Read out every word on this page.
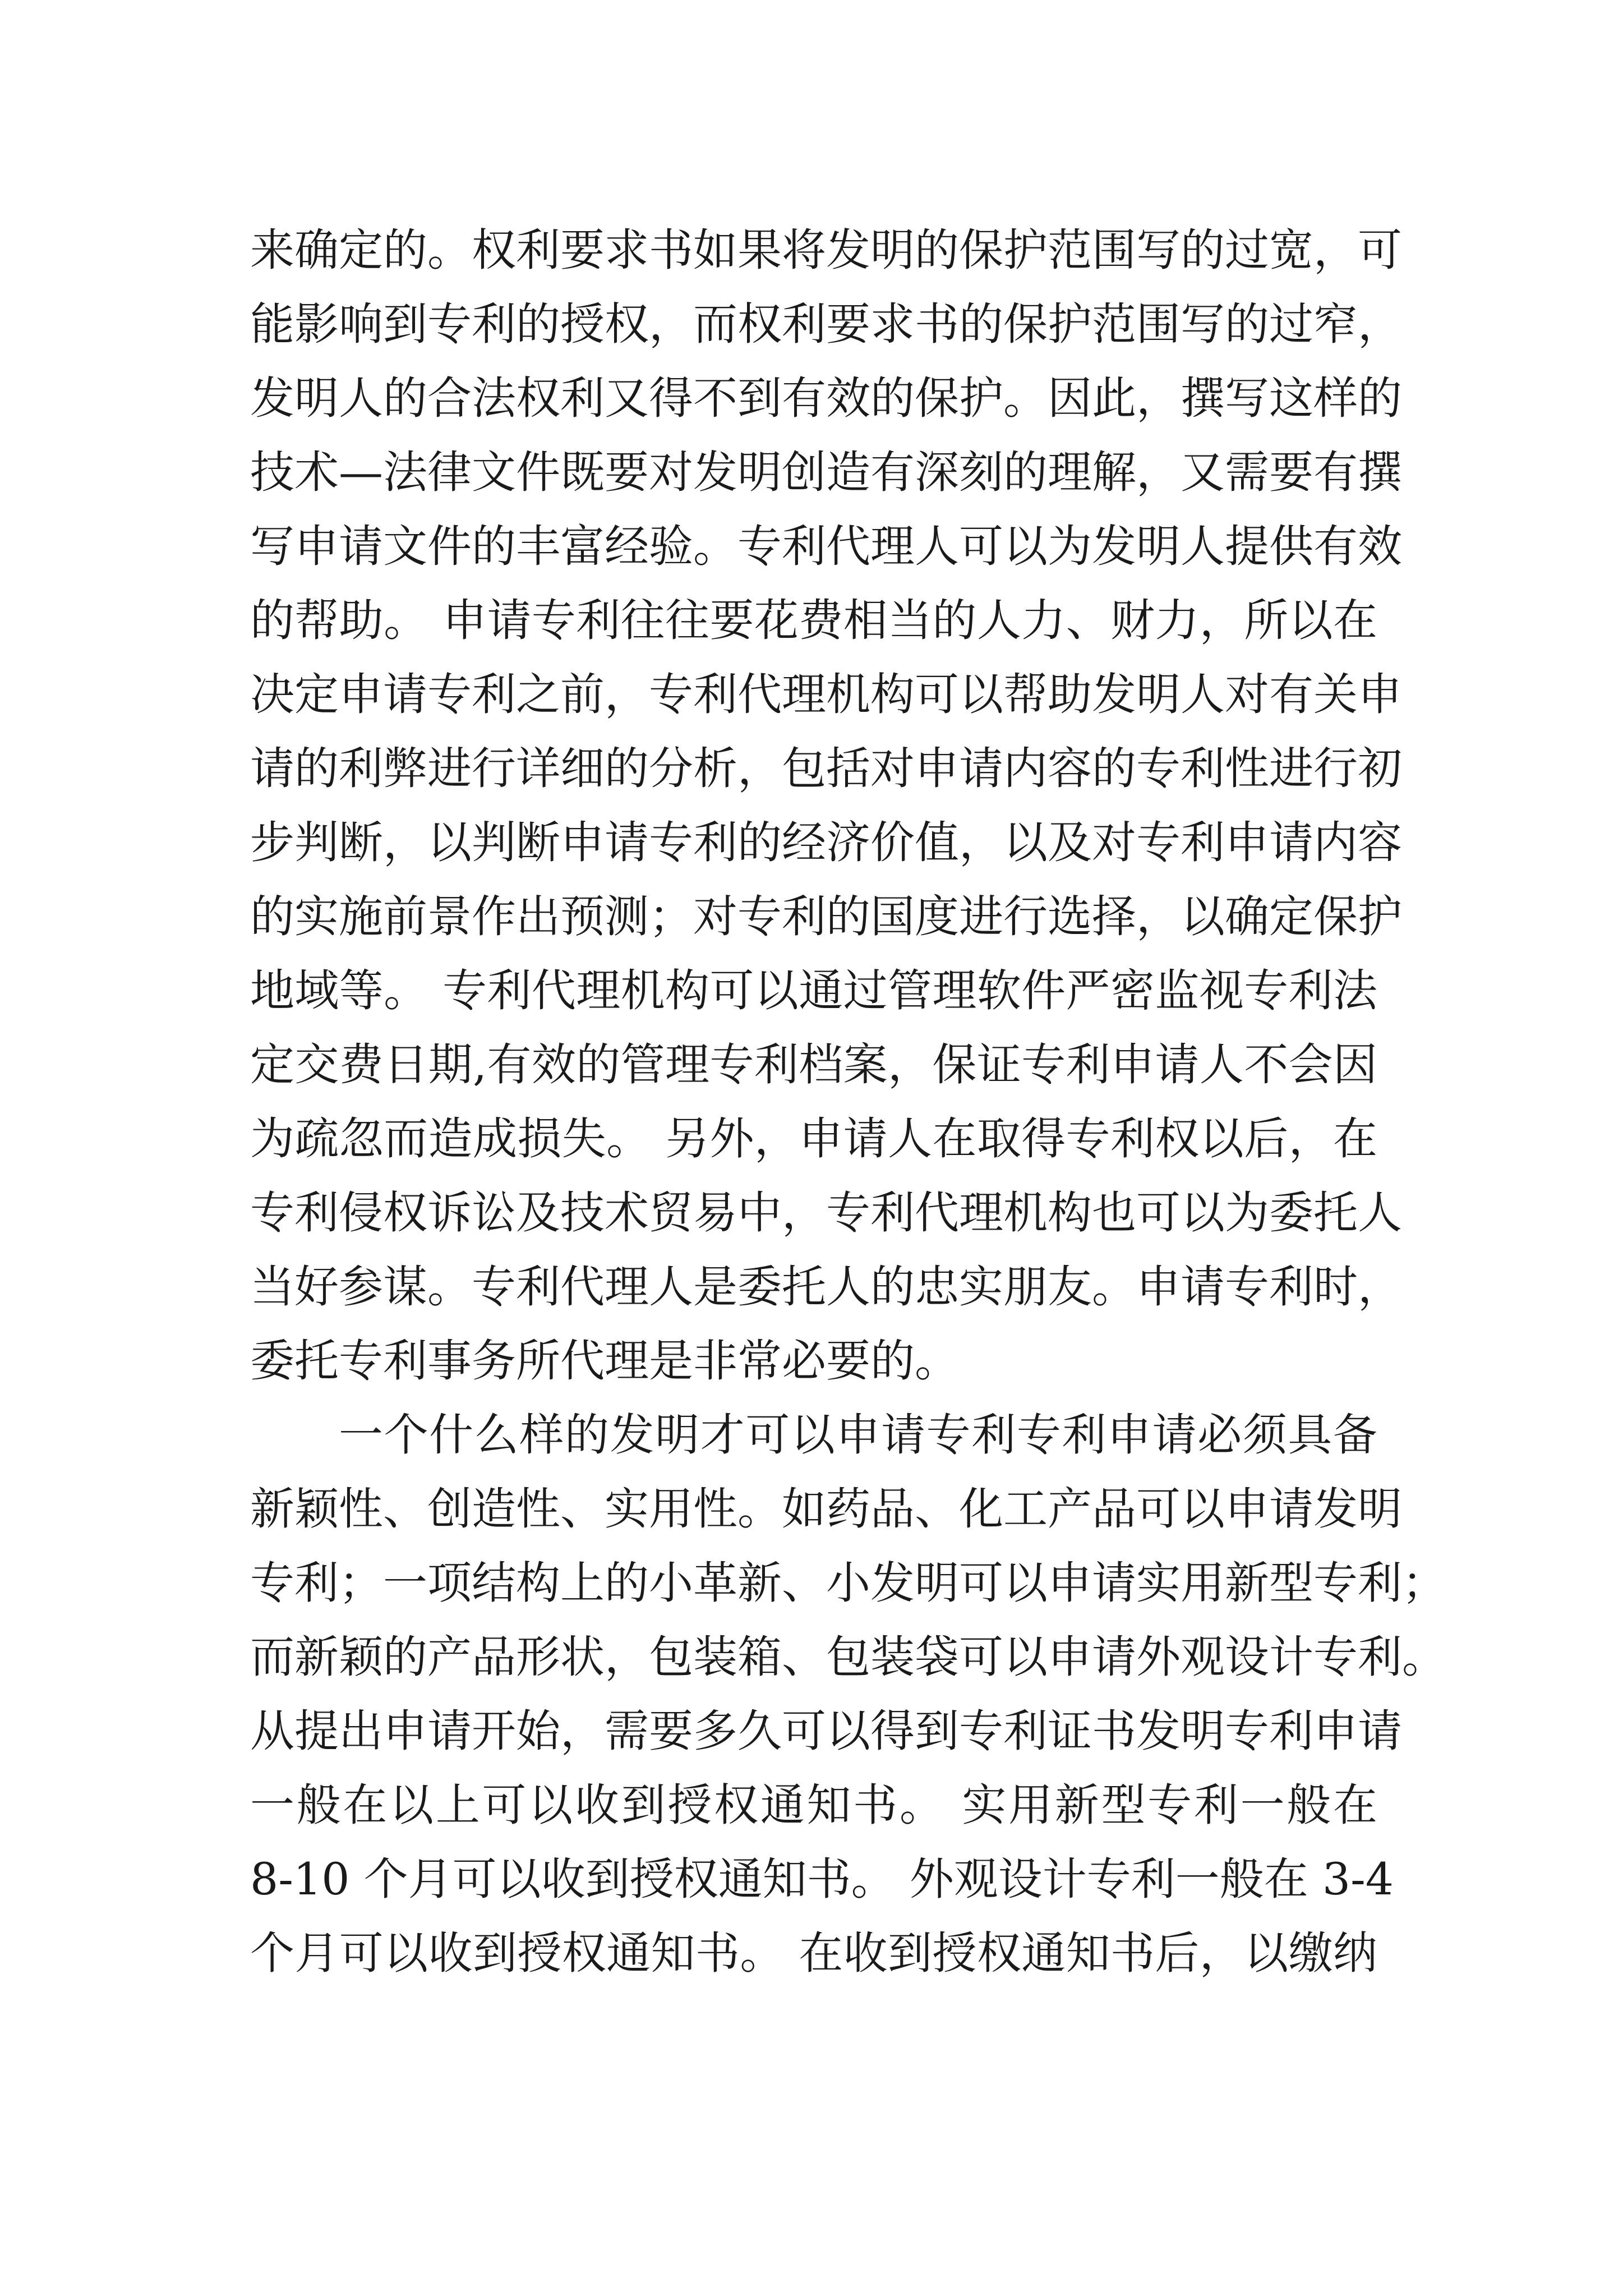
来确定的。权利要求书如果将发明的保护范围写的过宽，可
能影响到专利的授权，而权利要求书的保护范围写的过窄，
发明人的合法权利又得不到有效的保护。因此，撰写这样的
技术—法律文件既要对发明创造有深刻的理解，又需要有撰
写申请文件的丰富经验。专利代理人可以为发明人提供有效
的帮助。 申请专利往往要花费相当的人力、财力，所以在
决定申请专利之前，专利代理机构可以帮助发明人对有关申
请的利弊进行详细的分析，包括对申请内容的专利性进行初
步判断，以判断申请专利的经济价值，以及对专利申请内容
的实施前景作出预测；对专利的国度进行选择，以确定保护
地域等。 专利代理机构可以通过管理软件严密监视专利法
定交费日期,有效的管理专利档案，保证专利申请人不会因
为疏忽而造成损失。 另外，申请人在取得专利权以后，在
专利侵权诉讼及技术贸易中，专利代理机构也可以为委托人
当好参谋。专利代理人是委托人的忠实朋友。申请专利时，
委托专利事务所代理是非常必要的。
一个什么样的发明才可以申请专利专利申请必须具备
新颖性、创造性、实用性。如药品、化工产品可以申请发明
专利；一项结构上的小革新、小发明可以申请实用新型专利；
而新颖的产品形状，包装箱、包装袋可以申请外观设计专利。
从提出申请开始，需要多久可以得到专利证书发明专利申请
一般在以上可以收到授权通知书。 实用新型专利一般在
8-10 个月可以收到授权通知书。 外观设计专利一般在 3-4
个月可以收到授权通知书。 在收到授权通知书后，以缴纳
